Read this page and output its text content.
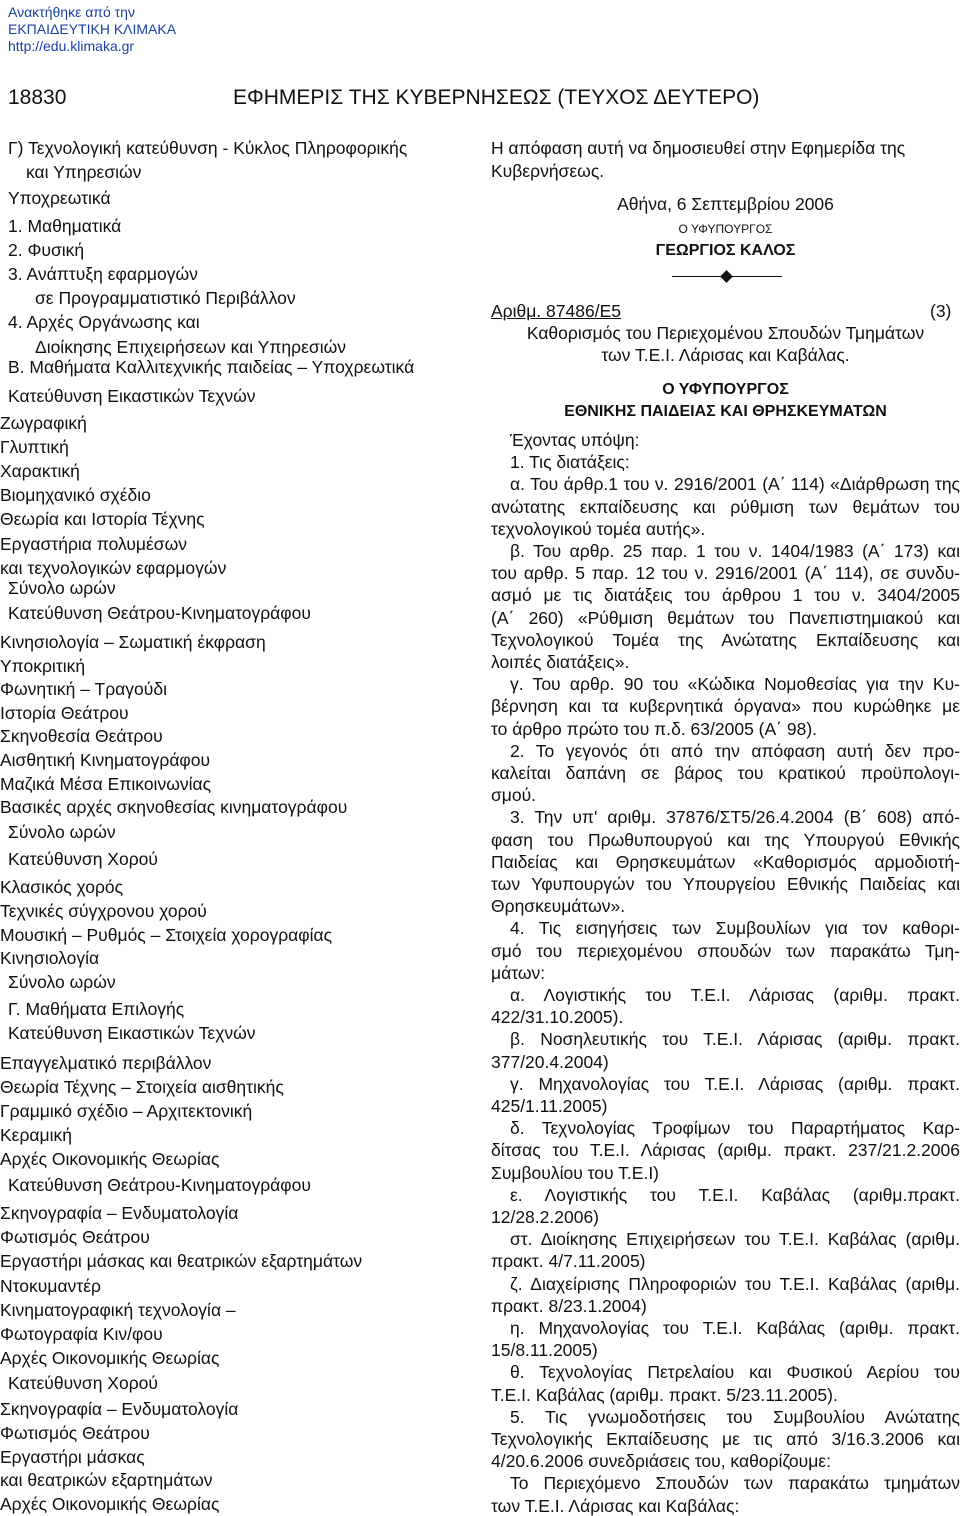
Ανακτήθηκε από την
ΕΚΠΑΙΔΕΥΤΙΚΗ ΚΛΙΜΑΚΑ
http://edu.klimaka.gr
18830	ΕΦΗΜΕΡΙΣ ΤΗΣ ΚΥΒΕΡΝΗΣΕΩΣ (ΤΕΥΧΟΣ ΔΕΥΤΕΡΟ)
Γ) Τεχνολογική κατεύθυνση - Κύκλος Πληροφορικής
και Υπηρεσιών
Υποχρεωτικά
1. Μαθηματικά
2. Φυσική
3. Ανάπτυξη εφαρμογών
σε Προγραμματιστικό Περιβάλλον
4. Αρχές Οργάνωσης και
Διοίκησης Επιχειρήσεων και Υπηρεσιών
Β. Μαθήματα Καλλιτεχνικής παιδείας – Υποχρεωτικά
Κατεύθυνση Εικαστικών Τεχνών
Ζωγραφική
Γλυπτική
Χαρακτική
Βιομηχανικό σχέδιο
Θεωρία και Ιστορία Τέχνης
Εργαστήρια πολυμέσων
και τεχνολογικών εφαρμογών
Σύνολο ωρών
Κατεύθυνση Θεάτρου-Κινηματογράφου
Κινησιολογία – Σωματική έκφραση
Υποκριτική
Φωνητική – Τραγούδι
Ιστορία Θεάτρου
Σκηνοθεσία Θεάτρου
Αισθητική Κινηματογράφου
Μαζικά Μέσα Επικοινωνίας
Βασικές αρχές σκηνοθεσίας κινηματογράφου
Σύνολο ωρών
Κατεύθυνση Χορού
Κλασικός χορός
Τεχνικές σύγχρονου χορού
Μουσική – Ρυθμός – Στοιχεία χορογραφίας
Κινησιολογία
Σύνολο ωρών
Γ. Μαθήματα Επιλογής
Κατεύθυνση Εικαστικών Τεχνών
Επαγγελματικό περιβάλλον
Θεωρία Τέχνης – Στοιχεία αισθητικής
Γραμμικό σχέδιο – Αρχιτεκτονική
Κεραμική
Αρχές Οικονομικής Θεωρίας
Κατεύθυνση Θεάτρου-Κινηματογράφου
Σκηνογραφία – Ενδυματολογία
Φωτισμός Θεάτρου
Εργαστήρι μάσκας και θεατρικών εξαρτημάτων
Ντοκυμαντέρ
Κινηματογραφική τεχνολογία –
Φωτογραφία Κιν/φου
Αρχές Οικονομικής Θεωρίας
Κατεύθυνση Χορού
Σκηνογραφία – Ενδυματολογία
Φωτισμός Θεάτρου
Εργαστήρι μάσκας
και θεατρικών εξαρτημάτων
Αρχές Οικονομικής Θεωρίας
Η απόφαση αυτή να δημοσιευθεί στην Εφημερίδα της
Κυβερνήσεως.
Αθήνα, 6 Σεπτεμβρίου 2006
Ο ΥΦΥΠΟΥΡΓΟΣ
ΓΕΩΡΓΙΟΣ ΚΑΛΟΣ
Αριθμ. 87486/Ε5	(3)
Καθορισμός του Περιεχομένου Σπουδών Τμημάτων
των Τ.Ε.Ι. Λάρισας και Καβάλας.
Ο ΥΦΥΠΟΥΡΓΟΣ
ΕΘΝΙΚΗΣ ΠΑΙΔΕΙΑΣ ΚΑΙ ΘΡΗΣΚΕΥΜΑΤΩΝ
Έχοντας υπόψη:
1. Τις διατάξεις:
α. Του άρθρ.1 του ν. 2916/2001 (Α΄ 114) «Διάρθρωση της
ανώτατης εκπαίδευσης και ρύθμιση των θεμάτων του
τεχνολογικού τομέα αυτής».
β. Του αρθρ. 25 παρ. 1 του ν. 1404/1983 (Α΄ 173) και
του αρθρ. 5 παρ. 12 του ν. 2916/2001 (Α΄ 114), σε συνδυ-
ασμό με τις διατάξεις του άρθρου 1 του ν. 3404/2005
(Α΄ 260) «Ρύθμιση θεμάτων του Πανεπιστημιακού και
Τεχνολογικού Τομέα της Ανώτατης Εκπαίδευσης και
λοιπές διατάξεις».
γ. Του αρθρ. 90 του «Κώδικα Νομοθεσίας για την Κυ-
βέρνηση και τα κυβερνητικά όργανα» που κυρώθηκε με
το άρθρο πρώτο του π.δ. 63/2005 (Α΄ 98).
2. Το γεγονός ότι από την απόφαση αυτή δεν προ-
καλείται δαπάνη σε βάρος του κρατικού προϋπολογι-
σμού.
3. Την υπ' αριθμ. 37876/ΣΤ5/26.4.2004 (Β΄ 608) από-
φαση του Πρωθυπουργού και της Υπουργού Εθνικής
Παιδείας και Θρησκευμάτων «Καθορισμός αρμοδιοτή-
των Υφυπουργών του Υπουργείου Εθνικής Παιδείας και
Θρησκευμάτων».
4. Τις εισηγήσεις των Συμβουλίων για τον καθορι-
σμό του περιεχομένου σπουδών των παρακάτω Τμη-
μάτων:
α. Λογιστικής του Τ.Ε.Ι. Λάρισας (αριθμ. πρακτ.
422/31.10.2005).
β. Νοσηλευτικής του Τ.Ε.Ι. Λάρισας (αριθμ. πρακτ.
377/20.4.2004)
γ. Μηχανολογίας του Τ.Ε.Ι. Λάρισας (αριθμ. πρακτ.
425/1.11.2005)
δ. Τεχνολογίας Τροφίμων του Παραρτήματος Καρ-
δίτσας του Τ.Ε.Ι. Λάρισας (αριθμ. πρακτ. 237/21.2.2006
Συμβουλίου του Τ.Ε.Ι)
ε. Λογιστικής του Τ.Ε.Ι. Καβάλας (αριθμ.πρακτ.
12/28.2.2006)
στ. Διοίκησης Επιχειρήσεων του Τ.Ε.Ι. Καβάλας (αριθμ.
πρακτ. 4/7.11.2005)
ζ. Διαχείρισης Πληροφοριών του Τ.Ε.Ι. Καβάλας (αριθμ.
πρακτ. 8/23.1.2004)
η. Μηχανολογίας του Τ.Ε.Ι. Καβάλας (αριθμ. πρακτ.
15/8.11.2005)
θ. Τεχνολογίας Πετρελαίου και Φυσικού Αερίου του
Τ.Ε.Ι. Καβάλας (αριθμ. πρακτ. 5/23.11.2005).
5. Τις γνωμοδοτήσεις του Συμβουλίου Ανώτατης
Τεχνολογικής Εκπαίδευσης με τις από 3/16.3.2006 και
4/20.6.2006 συνεδριάσεις του, καθορίζουμε:
Το Περιεχόμενο Σπουδών των παρακάτω τμημάτων
των Τ.Ε.Ι. Λάρισας και Καβάλας:
